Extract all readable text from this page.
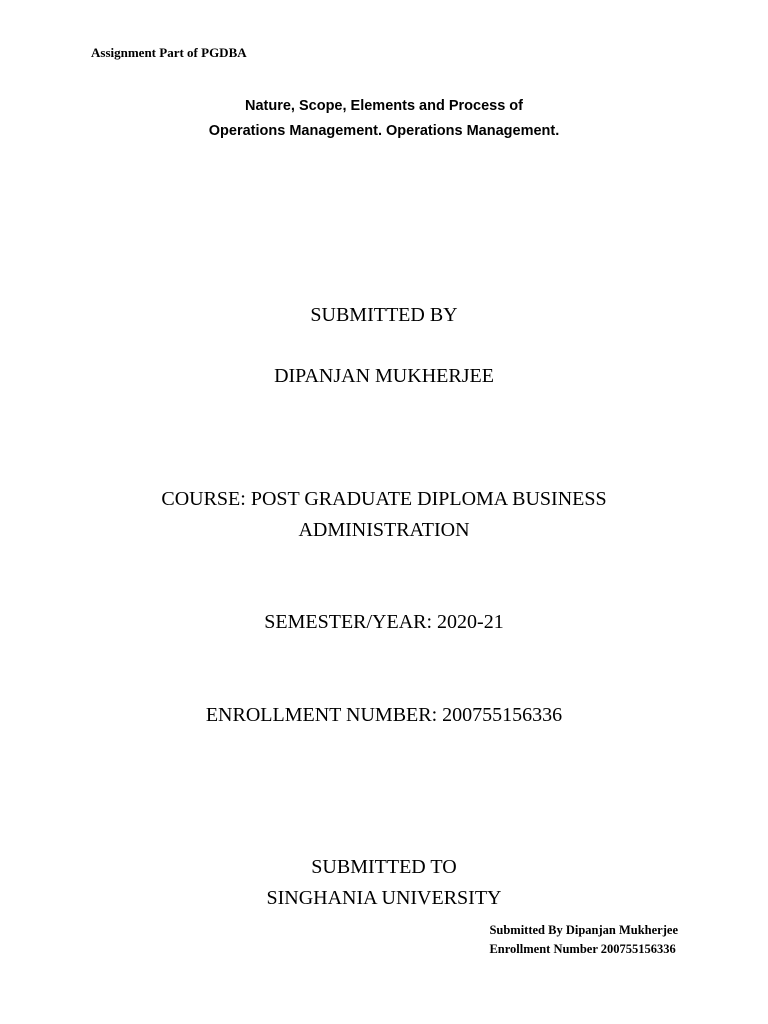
Assignment Part of PGDBA
Nature, Scope, Elements and Process of
Operations Management. Operations Management.
SUBMITTED BY
DIPANJAN MUKHERJEE
COURSE: POST GRADUATE DIPLOMA BUSINESS
ADMINISTRATION
SEMESTER/YEAR: 2020-21
ENROLLMENT NUMBER: 200755156336
SUBMITTED TO
SINGHANIA UNIVERSITY
Submitted By Dipanjan Mukherjee
Enrollment Number 200755156336
